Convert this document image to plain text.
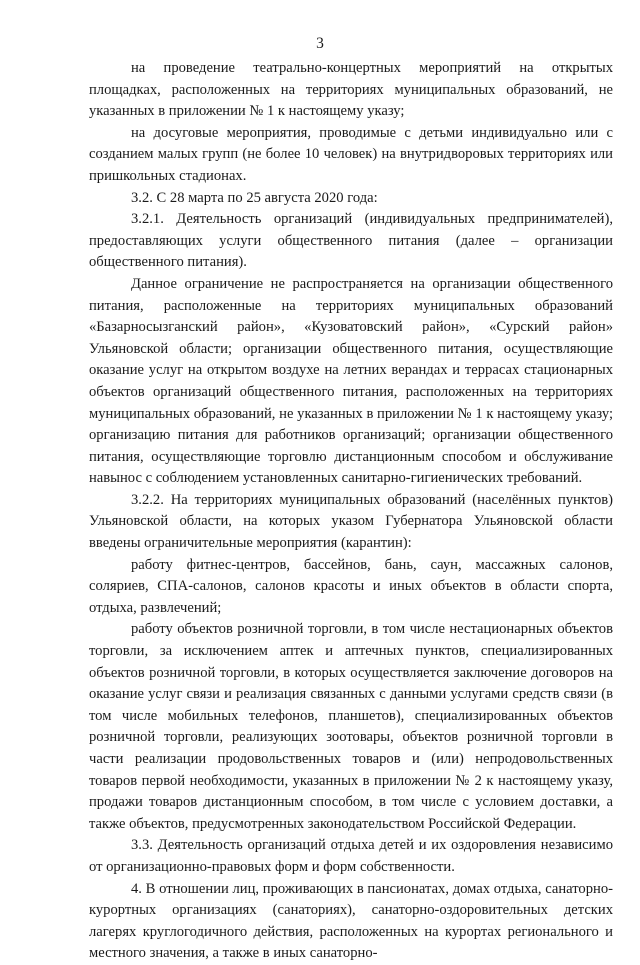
3

на проведение театрально-концертных мероприятий на открытых площадках, расположенных на территориях муниципальных образований, не указанных в приложении № 1 к настоящему указу;

на досуговые мероприятия, проводимые с детьми индивидуально или с созданием малых групп (не более 10 человек) на внутридворовых территориях или пришкольных стадионах.

3.2. С 28 марта по 25 августа 2020 года:

3.2.1. Деятельность организаций (индивидуальных предпринимателей), предоставляющих услуги общественного питания (далее – организации общественного питания).

Данное ограничение не распространяется на организации общественного питания, расположенные на территориях муниципальных образований «Базарносызганский район», «Кузоватовский район», «Сурский район» Ульяновской области; организации общественного питания, осуществляющие оказание услуг на открытом воздухе на летних верандах и террасах стационарных объектов организаций общественного питания, расположенных на территориях муниципальных образований, не указанных в приложении № 1 к настоящему указу; организацию питания для работников организаций; организации общественного питания, осуществляющие торговлю дистанционным способом и обслуживание навынос с соблюдением установленных санитарно-гигиенических требований.

3.2.2. На территориях муниципальных образований (населённых пунктов) Ульяновской области, на которых указом Губернатора Ульяновской области введены ограничительные мероприятия (карантин):

работу фитнес-центров, бассейнов, бань, саун, массажных салонов, соляриев, СПА-салонов, салонов красоты и иных объектов в области спорта, отдыха, развлечений;

работу объектов розничной торговли, в том числе нестационарных объектов торговли, за исключением аптек и аптечных пунктов, специализированных объектов розничной торговли, в которых осуществляется заключение договоров на оказание услуг связи и реализация связанных с данными услугами средств связи (в том числе мобильных телефонов, планшетов), специализированных объектов розничной торговли, реализующих зоотовары, объектов розничной торговли в части реализации продовольственных товаров и (или) непродовольственных товаров первой необходимости, указанных в приложении № 2 к настоящему указу, продажи товаров дистанционным способом, в том числе с условием доставки, а также объектов, предусмотренных законодательством Российской Федерации.

3.3. Деятельность организаций отдыха детей и их оздоровления независимо от организационно-правовых форм и форм собственности.

4. В отношении лиц, проживающих в пансионатах, домах отдыха, санаторно-курортных организациях (санаториях), санаторно-оздоровительных детских лагерях круглогодичного действия, расположенных на курортах регионального и местного значения, а также в иных санаторно-
